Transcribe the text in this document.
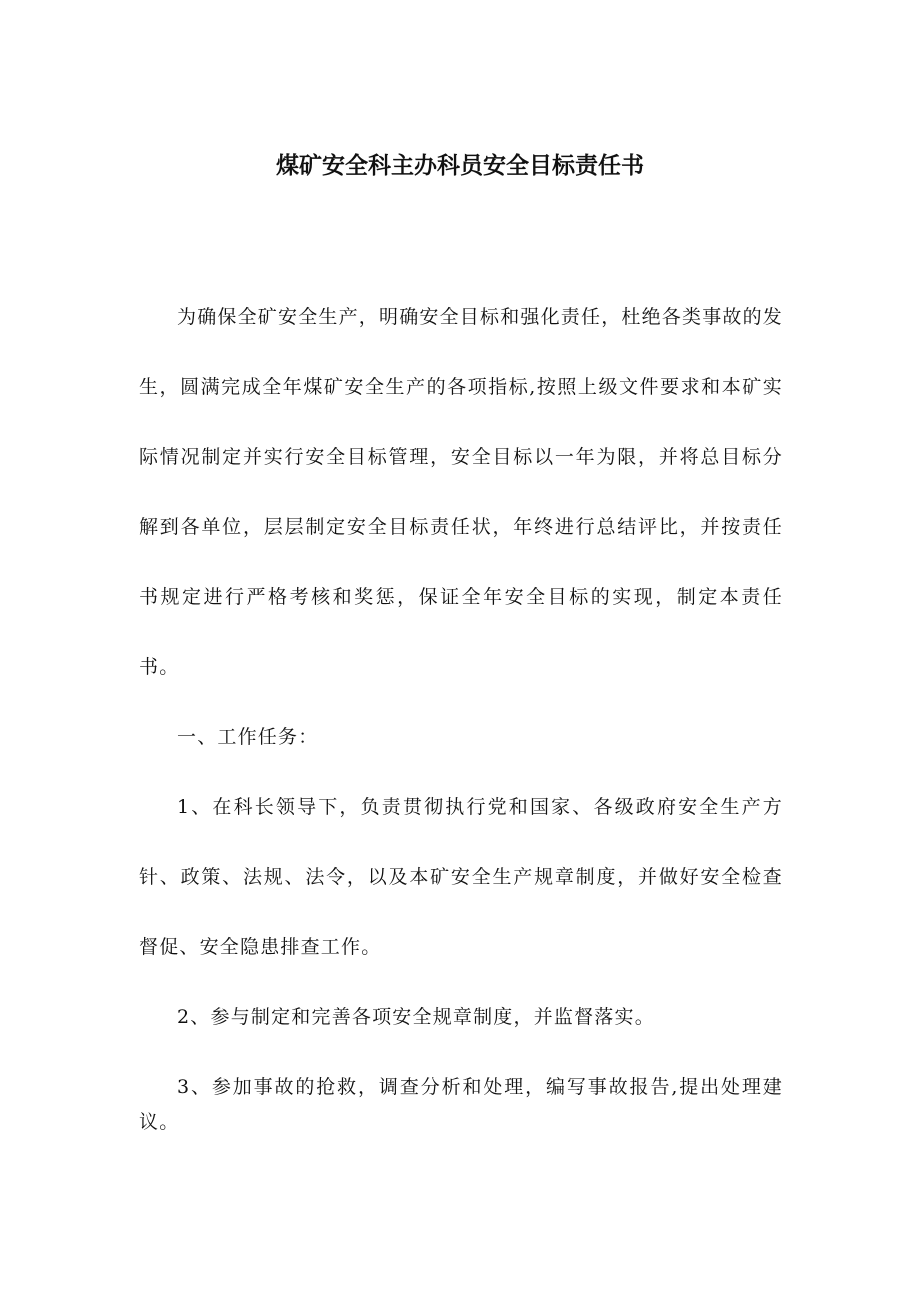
煤矿安全科主办科员安全目标责任书

为确保全矿安全生产，明确安全目标和强化责任，杜绝各类事故的发生，圆满完成全年煤矿安全生产的各项指标,按照上级文件要求和本矿实际情况制定并实行安全目标管理，安全目标以一年为限，并将总目标分解到各单位，层层制定安全目标责任状，年终进行总结评比，并按责任书规定进行严格考核和奖惩，保证全年安全目标的实现，制定本责任书。

一、工作任务：

1、在科长领导下，负责贯彻执行党和国家、各级政府安全生产方针、政策、法规、法令，以及本矿安全生产规章制度，并做好安全检查督促、安全隐患排查工作。

2、参与制定和完善各项安全规章制度，并监督落实。

3、参加事故的抢救，调查分析和处理，编写事故报告,提出处理建议。
